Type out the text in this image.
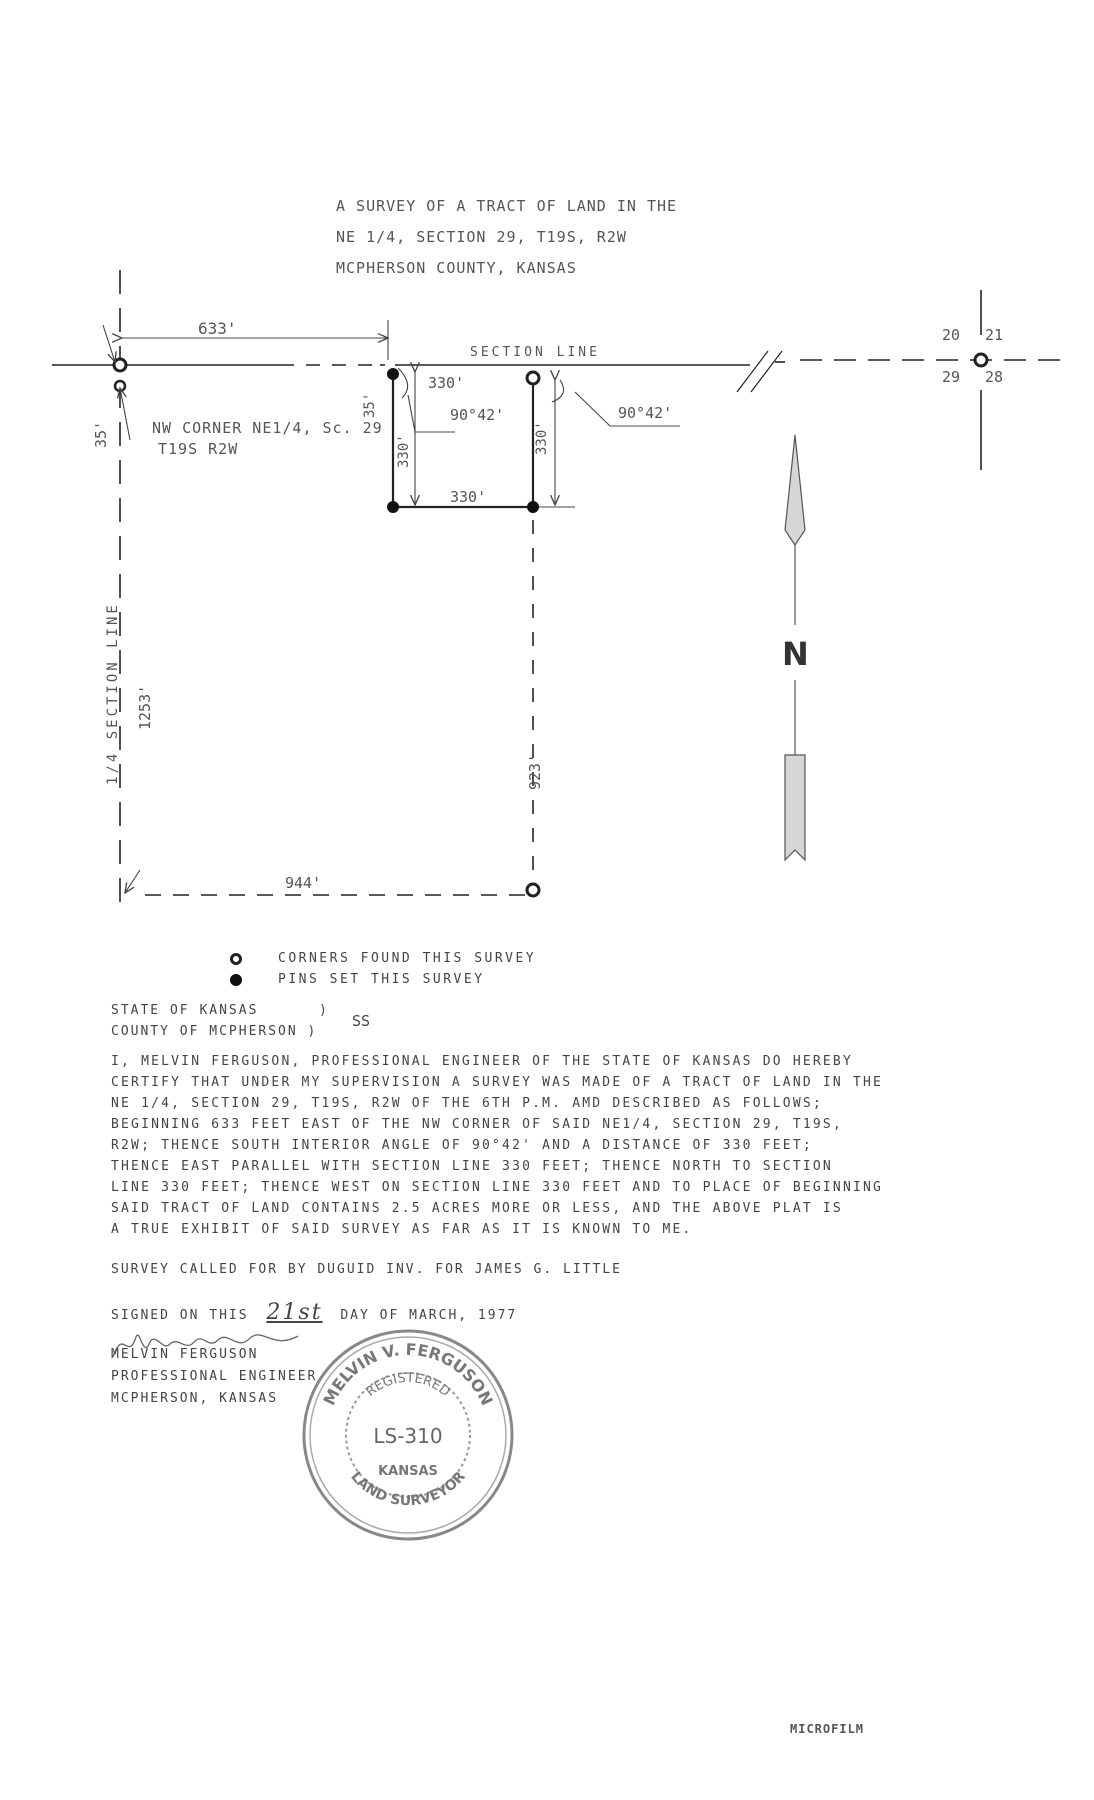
A SURVEY OF A TRACT OF LAND IN THE
NE 1/4, SECTION 29, T19S, R2W
MCPHERSON COUNTY, KANSAS
20 21
29 28
SECTION LINE
633'
35'	NW CORNER NE1/4, Sc. 29
T19S R2W
330'
90°42'	90°42'
35'
330'	330'
330'
923'
944'
1/4 SECTION LINE 1253'
N
CORNERS FOUND THIS SURVEY
PINS SET THIS SURVEY
STATE OF KANSAS	)
COUNTY OF MCPHERSON )
SS
I, MELVIN FERGUSON, PROFESSIONAL ENGINEER OF THE STATE OF KANSAS DO HEREBY
CERTIFY THAT UNDER MY SUPERVISION A SURVEY WAS MADE OF A TRACT OF LAND IN THE
NE 1/4, SECTION 29, T19S, R2W OF THE 6TH P.M. AMD DESCRIBED AS FOLLOWS;
BEGINNING 633 FEET EAST OF THE NW CORNER OF SAID NE1/4, SECTION 29, T19S,
R2W; THENCE SOUTH INTERIOR ANGLE OF 90°42' AND A DISTANCE OF 330 FEET;
THENCE EAST PARALLEL WITH SECTION LINE 330 FEET; THENCE NORTH TO SECTION
LINE 330 FEET; THENCE WEST ON SECTION LINE 330 FEET AND TO PLACE OF BEGINNING
SAID TRACT OF LAND CONTAINS 2.5 ACRES MORE OR LESS, AND THE ABOVE PLAT IS
A TRUE EXHIBIT OF SAID SURVEY AS FAR AS IT IS KNOWN TO ME.
SURVEY CALLED FOR BY DUGUID INV. FOR JAMES G. LITTLE
SIGNED ON THIS 21st DAY OF MARCH, 1977
MELVIN FERGUSON
PROFESSIONAL ENGINEER
MCPHERSON, KANSAS	MELVIN V. FERGUSON
REGISTERED
LS-310
KANSAS
LAND SURVEYOR
MICROFILM
